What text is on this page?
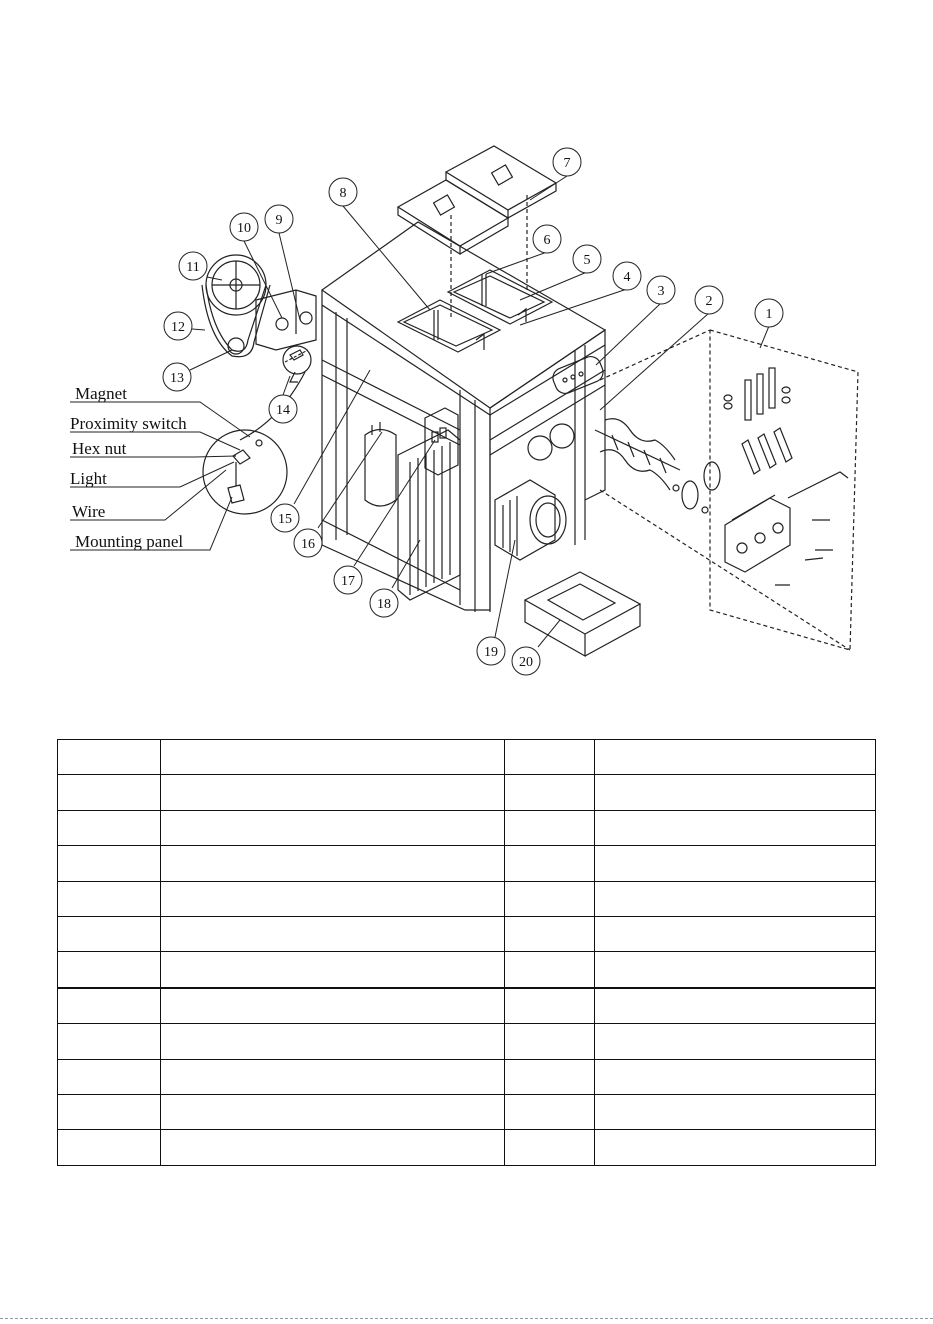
Magnet
Proximity switch
Hex nut
Light
Wire
Mounting panel
1
2
3
4
5
6
7
8
9
10
11
12
13
14
15
16
17
18
19
20
